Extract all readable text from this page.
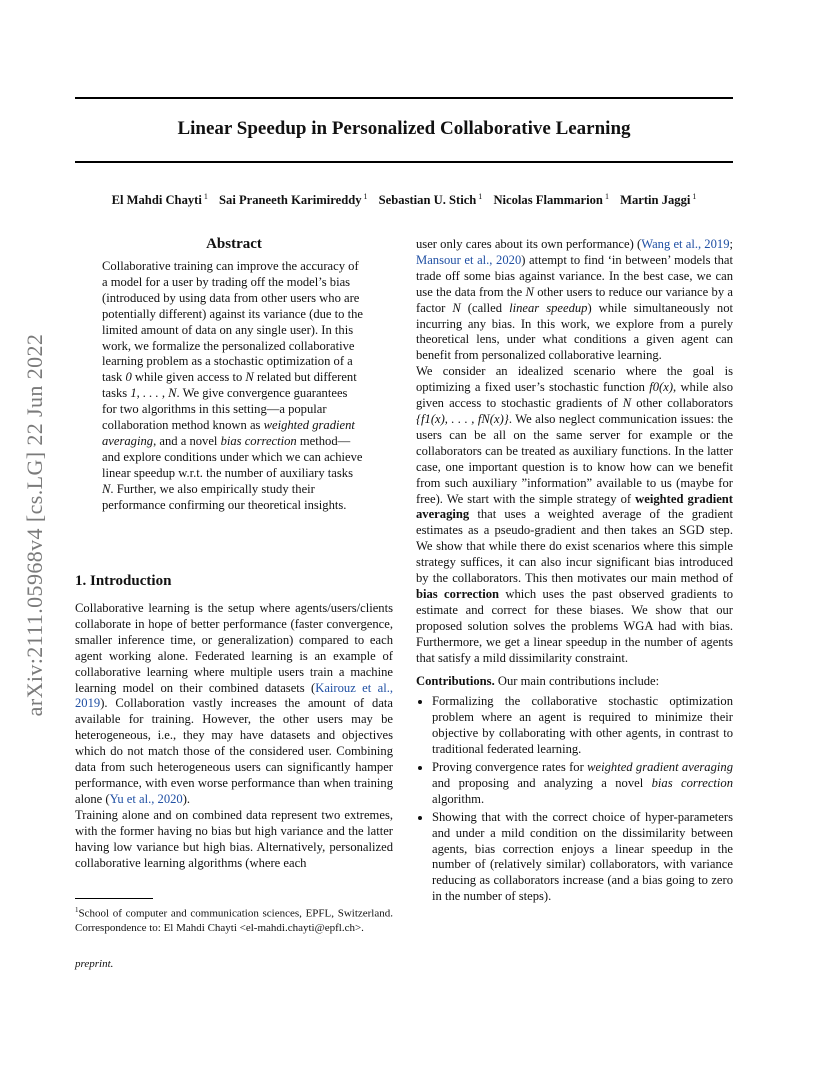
arXiv:2111.05968v4 [cs.LG] 22 Jun 2022
Linear Speedup in Personalized Collaborative Learning
El Mahdi Chayti $^1$ Sai Praneeth Karimireddy $^1$ Sebastian U. Stich $^1$ Nicolas Flammarion $^1$ Martin Jaggi $^1$
Abstract

Collaborative training can improve the accuracy of a model for a user by trading off the model’s bias (introduced by using data from other users who are potentially different) against its variance (due to the limited amount of data on any single user). In this work, we formalize the personalized collaborative learning problem as a stochastic optimization of a task 0 while given access to N related but different tasks 1, . . . , N. We give convergence guarantees for two algorithms in this setting—a popular collaboration method known as weighted gradient averaging, and a novel bias correction method—and explore conditions under which we can achieve linear speedup w.r.t. the number of auxiliary tasks N. Further, we also empirically study their performance confirming our theoretical insights.

1. Introduction

Collaborative learning is the setup where agents/users/clients collaborate in hope of better performance (faster convergence, smaller inference time, or generalization) compared to each agent working alone. Federated learning is an example of collaborative learning where multiple users train a machine learning model on their combined datasets (Kairouz et al., 2019). Collaboration vastly increases the amount of data available for training. However, the other users may be heterogeneous, i.e., they may have datasets and objectives which do not match those of the considered user. Combining data from such heterogeneous users can significantly hamper performance, with even worse performance than when training alone (Yu et al., 2020).

Training alone and on combined data represent two extremes, with the former having no bias but high variance and the latter having low variance but high bias. Alternatively, personalized collaborative learning algorithms (where each

$^1$School of computer and communication sciences, EPFL, Switzerland. Correspondence to: El Mahdi Chayti <el-mahdi.chayti@epfl.ch>.
preprint.

user only cares about its own performance) (Wang et al., 2019; Mansour et al., 2020) attempt to find ‘in between’ models that trade off some bias against variance. In the best case, we can use the data from the N other users to reduce our variance by a factor N (called linear speedup) while simultaneously not incurring any bias. In this work, we explore from a purely theoretical lens, under what conditions a given agent can benefit from personalized collaborative learning.

We consider an idealized scenario where the goal is optimizing a fixed user’s stochastic function f0(x), while also given access to stochastic gradients of N other collaborators {f1(x), . . . , fN(x)}. We also neglect communication issues: the users can be all on the same server for example or the collaborators can be treated as auxiliary functions. In the latter case, one important question is to know how can we benefit from such auxiliary ”information” available to us (maybe for free). We start with the simple strategy of weighted gradient averaging that uses a weighted average of the gradient estimates as a pseudo-gradient and then takes an SGD step. We show that while there do exist scenarios where this simple strategy suffices, it can also incur significant bias introduced by the collaborators. This then motivates our main method of bias correction which uses the past observed gradients to estimate and correct for these biases. We show that our proposed solution solves the problems WGA had with bias. Furthermore, we get a linear speedup in the number of agents that satisfy a mild dissimilarity constraint.

Contributions. Our main contributions include:

• Formalizing the collaborative stochastic optimization problem where an agent is required to minimize their objective by collaborating with other agents, in contrast to traditional federated learning.
• Proving convergence rates for weighted gradient averaging and proposing and analyzing a novel bias correction algorithm.
• Showing that with the correct choice of hyper-parameters and under a mild condition on the dissimilarity between agents, bias correction enjoys a linear speedup in the number of (relatively similar) collaborators, with variance reducing as collaborators increase (and a bias going to zero in the number of steps).
